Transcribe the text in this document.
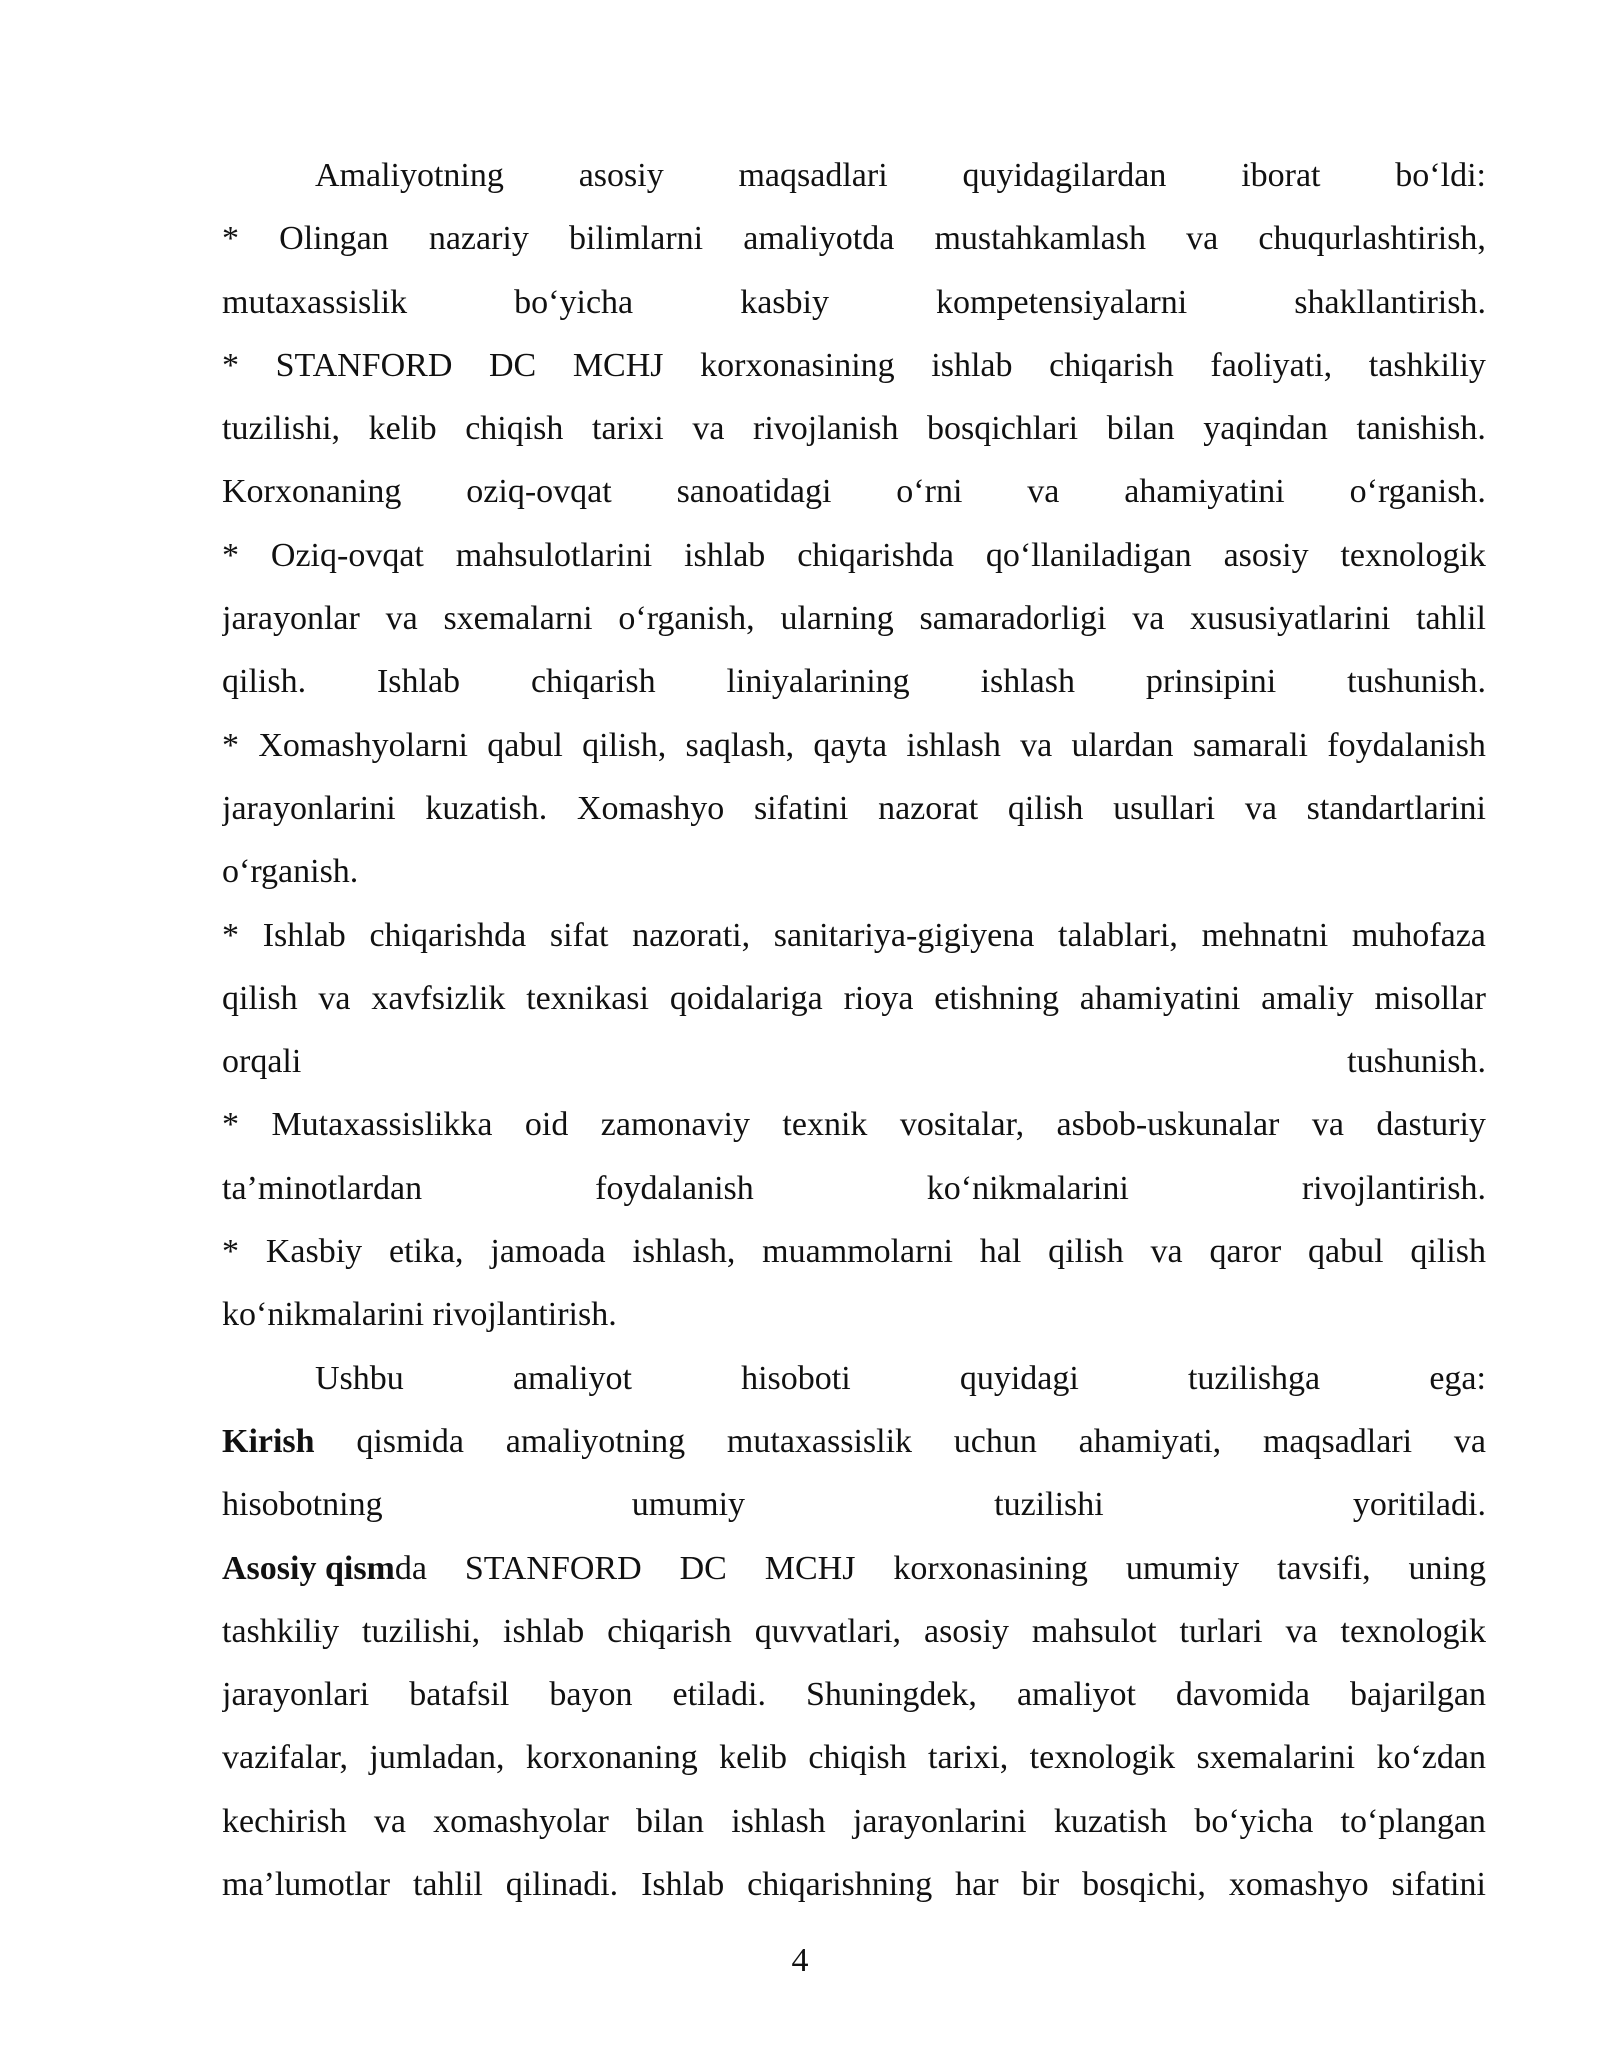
Amaliyotning asosiy maqsadlari quyidagilardan iborat bo‘ldi:
* Olingan nazariy bilimlarni amaliyotda mustahkamlash va chuqurlashtirish,
mutaxassislik	bo‘yicha	kasbiy	kompetensiyalarni	shakllantirish.
* STANFORD DC MCHJ korxonasining ishlab chiqarish faoliyati, tashkiliy
tuzilishi, kelib chiqish tarixi va rivojlanish bosqichlari bilan yaqindan tanishish.
Korxonaning oziq-ovqat sanoatidagi o‘rni va ahamiyatini o‘rganish.
* Oziq-ovqat mahsulotlarini ishlab chiqarishda qo‘llaniladigan asosiy texnologik
jarayonlar va sxemalarni o‘rganish, ularning samaradorligi va xususiyatlarini tahlil
qilish. Ishlab chiqarish liniyalarining ishlash prinsipini tushunish.
* Xomashyolarni qabul qilish, saqlash, qayta ishlash va ulardan samarali foydalanish
jarayonlarini kuzatish. Xomashyo sifatini nazorat qilish usullari va standartlarini
o‘rganish.
* Ishlab chiqarishda sifat nazorati, sanitariya-gigiyena talablari, mehnatni muhofaza
qilish va xavfsizlik texnikasi qoidalariga rioya etishning ahamiyatini amaliy misollar
orqali	tushunish.
* Mutaxassislikka oid zamonaviy texnik vositalar, asbob-uskunalar va dasturiy
ta’minotlardan	foydalanish	ko‘nikmalarini	rivojlantirish.
* Kasbiy etika, jamoada ishlash, muammolarni hal qilish va qaror qabul qilish
ko‘nikmalarini rivojlantirish.
Ushbu	amaliyot	hisoboti	quyidagi	tuzilishga	ega:
Kirish qismida amaliyotning mutaxassislik uchun ahamiyati, maqsadlari va
hisobotning	umumiy	tuzilishi	yoritiladi.
Asosiy qismda STANFORD DC MCHJ korxonasining umumiy tavsifi, uning
tashkiliy tuzilishi, ishlab chiqarish quvvatlari, asosiy mahsulot turlari va texnologik
jarayonlari batafsil bayon etiladi. Shuningdek, amaliyot davomida bajarilgan
vazifalar, jumladan, korxonaning kelib chiqish tarixi, texnologik sxemalarini ko‘zdan
kechirish va xomashyolar bilan ishlash jarayonlarini kuzatish bo‘yicha to‘plangan
ma’lumotlar tahlil qilinadi. Ishlab chiqarishning har bir bosqichi, xomashyo sifatini
4
